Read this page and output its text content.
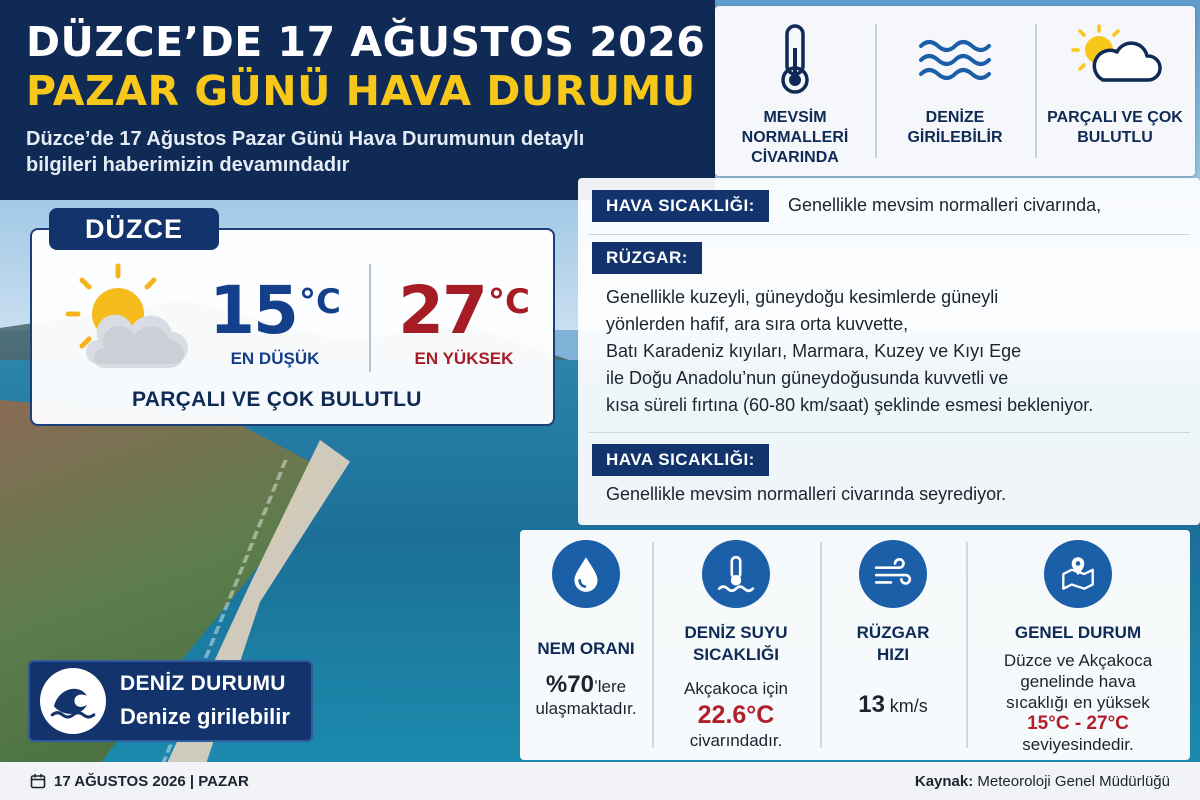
DÜZCE’DE 17 AĞUSTOS 2026
PAZAR GÜNÜ HAVA DURUMU
Düzce’de 17 Ağustos Pazar Günü Hava Durumunun detaylı bilgileri haberimizin devamındadır
MEVSİM NORMALLERİ CİVARINDA
DENİZE GİRİLEBİLİR
PARÇALI VE ÇOK BULUTLU
$15^{^\circ C}$
EN DÜŞÜK
$27^{^\circ C}$
EN YÜKSEK
PARÇALI VE ÇOK BULUTLU
DÜZCE
HAVA SICAKLIĞI:	Genellikle mevsim normalleri civarında,
RÜZGAR:
Genellikle kuzeyli, güneydoğu kesimlerde güneyli
yönlerden hafif, ara sıra orta kuvvette,
Batı Karadeniz kıyıları, Marmara, Kuzey ve Kıyı Ege
ile Doğu Anadolu’nun güneydoğusunda kuvvetli ve
kısa süreli fırtına (60-80 km/saat) şeklinde esmesi bekleniyor.
HAVA SICAKLIĞI:
Genellikle mevsim normalleri civarında seyrediyor.
NEM ORANI
%70’lere
ulaşmaktadır.
DENİZ SUYU
SICAKLIĞI
Akçakoca için
22.6°C
civarındadır.
RÜZGAR
HIZI
13 km/s
GENEL DURUM
Düzce ve Akçakoca
genelinde hava
sıcaklığı en yüksek
15°C - 27°C
seviyesindedir.
DENİZ DURUMU
Denize girilebilir
17 AĞUSTOS 2026 | PAZAR	Kaynak: Meteoroloji Genel Müdürlüğü
